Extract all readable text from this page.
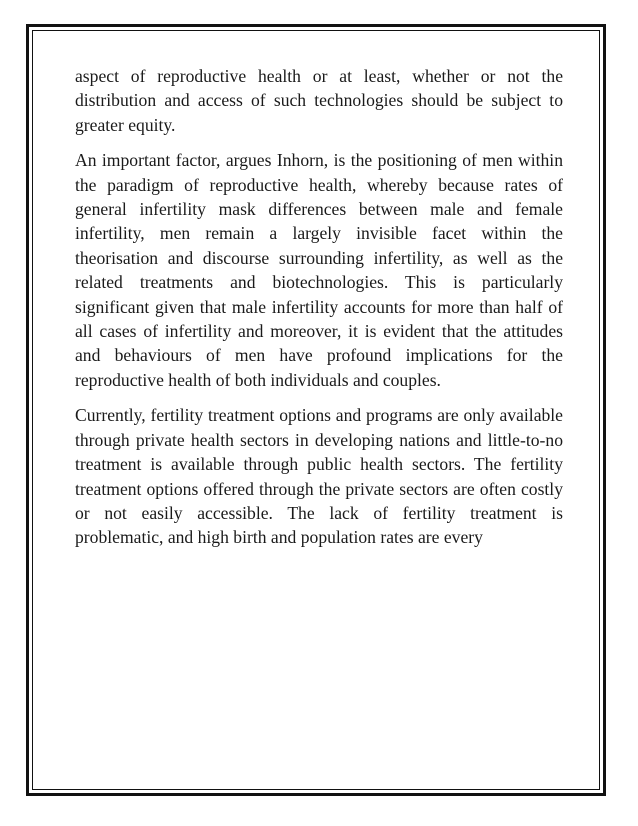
aspect of reproductive health or at least, whether or not the distribution and access of such technologies should be subject to greater equity.

An important factor, argues Inhorn, is the positioning of men within the paradigm of reproductive health, whereby because rates of general infertility mask differences between male and female infertility, men remain a largely invisible facet within the theorisation and discourse surrounding infertility, as well as the related treatments and biotechnologies. This is particularly significant given that male infertility accounts for more than half of all cases of infertility and moreover, it is evident that the attitudes and behaviours of men have profound implications for the reproductive health of both individuals and couples.

Currently, fertility treatment options and programs are only available through private health sectors in developing nations and little-to-no treatment is available through public health sectors. The fertility treatment options offered through the private sectors are often costly or not easily accessible. The lack of fertility treatment is problematic, and high birth and population rates are every
